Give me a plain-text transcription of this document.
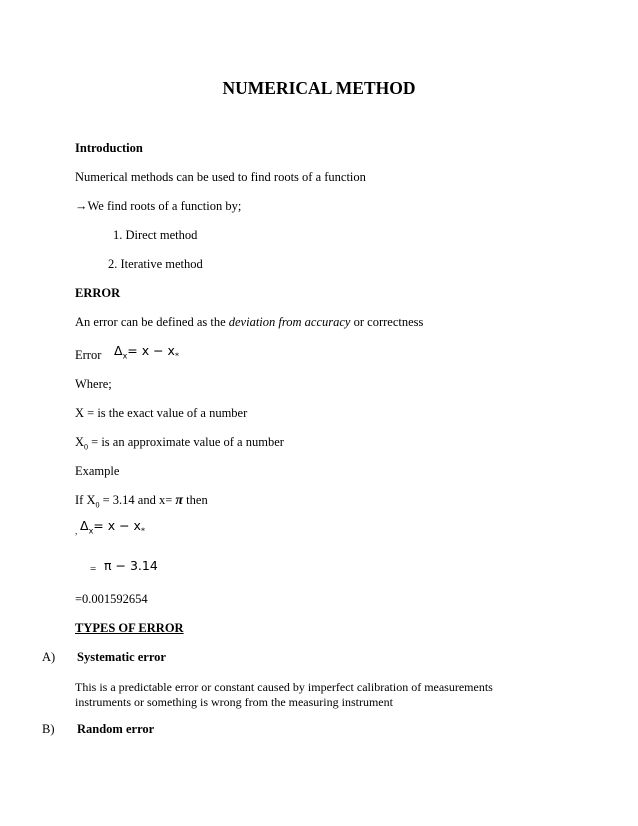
NUMERICAL METHOD
Introduction
Numerical methods can be used to find roots of a function
→We find roots of a function by;
1. Direct method
2. Iterative method
ERROR
An error can be defined as the deviation from accuracy or correctness
Error $\Delta_x= x - x_*$
Where;
X = is the exact value of a number
$X_0$ = is an approximate value of a number
Example
If $X_0 = 3.14$ and x= π then
, $\Delta_x= x - x_*$
= π − 3.14
=0.001592654
TYPES OF ERROR
A) Systematic error
This is a predictable error or constant caused by imperfect calibration of measurements instruments or something is wrong from the measuring instrument
B) Random error
